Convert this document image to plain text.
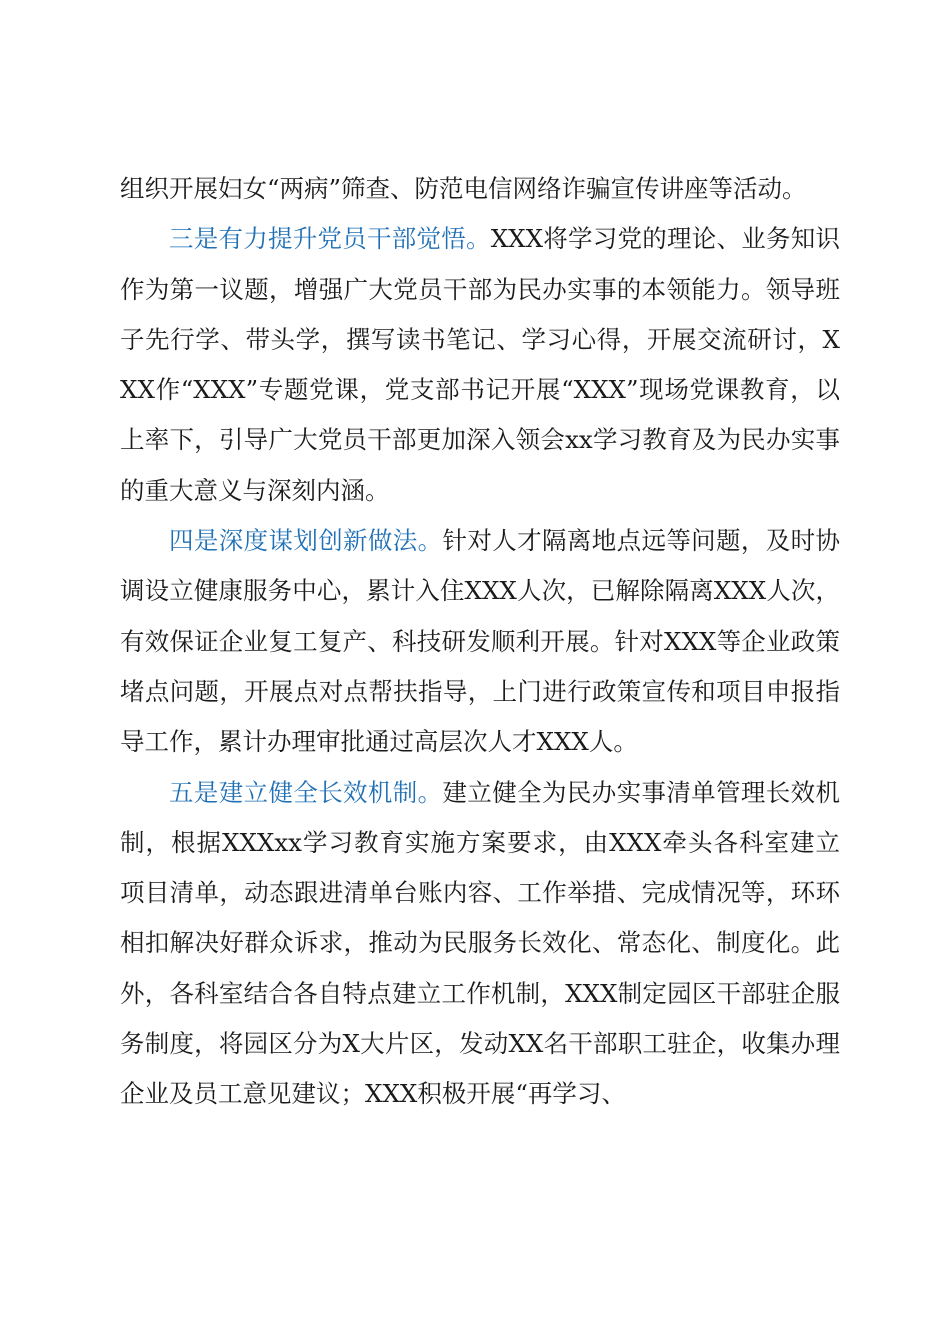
组织开展妇女“两病”筛查、防范电信网络诈骗宣传讲座等活动。

三是有力提升党员干部觉悟。XXX将学习党的理论、业务知识作为第一议题，增强广大党员干部为民办实事的本领能力。领导班子先行学、带头学，撰写读书笔记、学习心得，开展交流研讨，XXX作“XXX”专题党课，党支部书记开展“XXX”现场党课教育，以上率下，引导广大党员干部更加深入领会xx学习教育及为民办实事的重大意义与深刻内涵。

四是深度谋划创新做法。针对人才隔离地点远等问题，及时协调设立健康服务中心，累计入住XXX人次，已解除隔离XXX人次，有效保证企业复工复产、科技研发顺利开展。针对XXX等企业政策堵点问题，开展点对点帮扶指导，上门进行政策宣传和项目申报指导工作，累计办理审批通过高层次人才XXX人。

五是建立健全长效机制。建立健全为民办实事清单管理长效机制，根据XXXxx学习教育实施方案要求，由XXX牵头各科室建立项目清单，动态跟进清单台账内容、工作举措、完成情况等，环环相扣解决好群众诉求，推动为民服务长效化、常态化、制度化。此外，各科室结合各自特点建立工作机制，XXX制定园区干部驻企服务制度，将园区分为X大片区，发动XX名干部职工驻企，收集办理企业及员工意见建议；XXX积极开展“再学习、
